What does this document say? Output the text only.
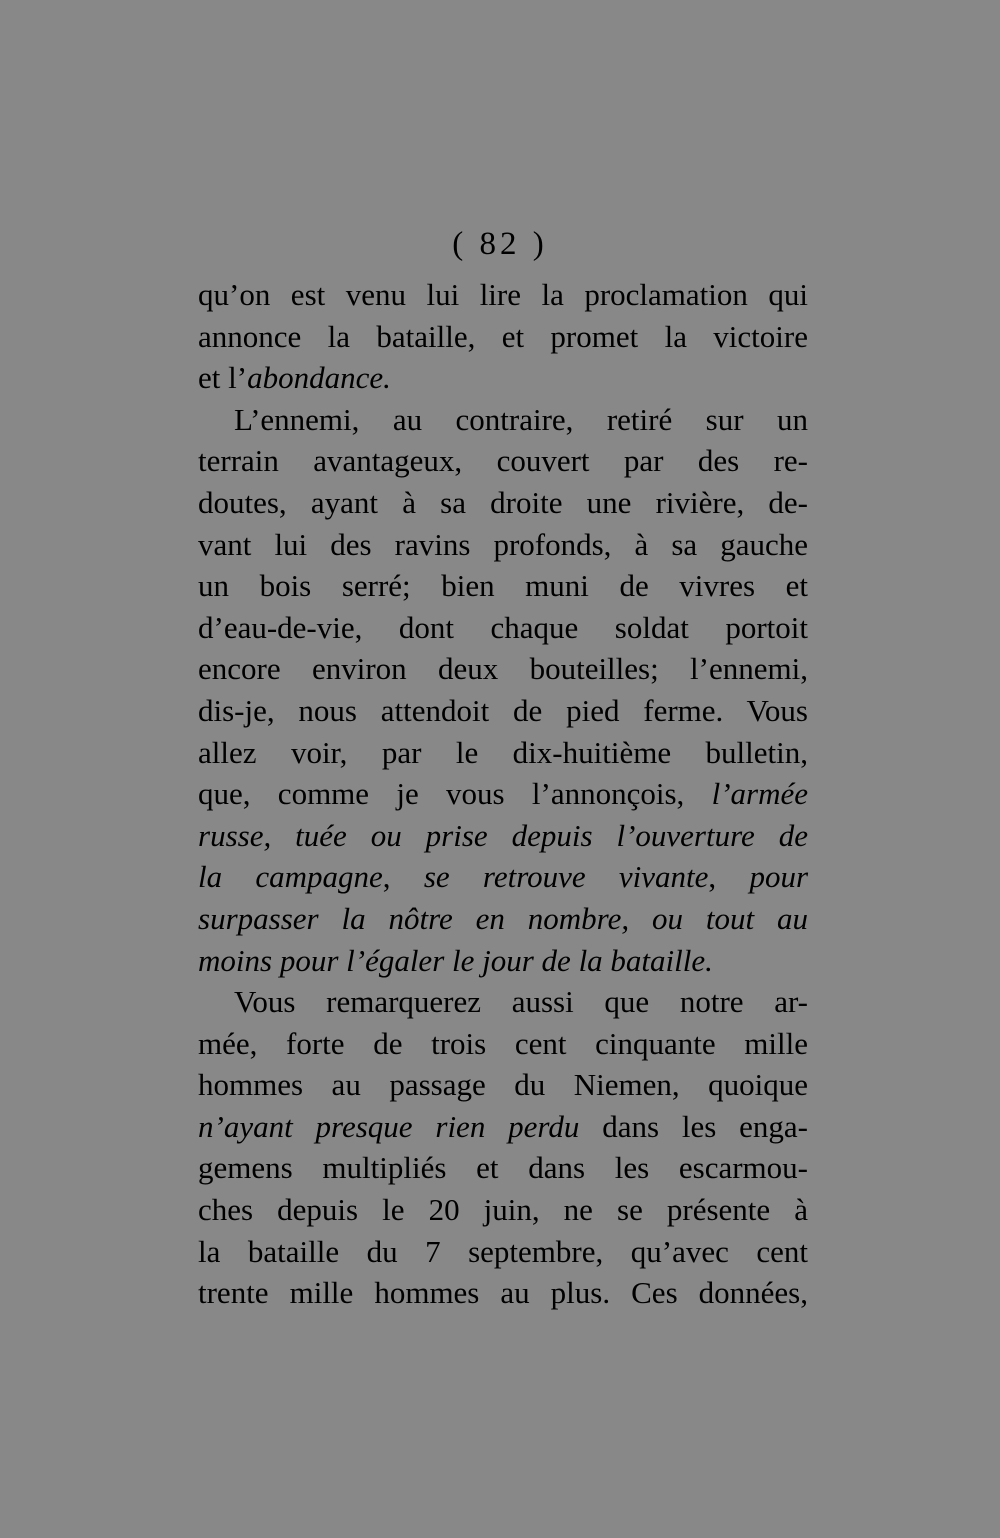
( 82 )
qu’on est venu lui lire la proclamation qui
annonce la bataille, et promet la victoire
et l’abondance.
L’ennemi, au contraire, retiré sur un
terrain avantageux, couvert par des re-
doutes, ayant à sa droite une rivière, de-
vant lui des ravins profonds, à sa gauche
un bois serré; bien muni de vivres et
d’eau-de-vie, dont chaque soldat portoit
encore environ deux bouteilles; l’ennemi,
dis-je, nous attendoit de pied ferme. Vous
allez voir, par le dix-huitième bulletin,
que, comme je vous l’annonçois, l’armée
russe, tuée ou prise depuis l’ouverture de
la campagne, se retrouve vivante, pour
surpasser la nôtre en nombre, ou tout au
moins pour l’égaler le jour de la bataille.
Vous remarquerez aussi que notre ar-
mée, forte de trois cent cinquante mille
hommes au passage du Niemen, quoique
n’ayant presque rien perdu dans les enga-
gemens multipliés et dans les escarmou-
ches depuis le 20 juin, ne se présente à
la bataille du 7 septembre, qu’avec cent
trente mille hommes au plus. Ces données,
